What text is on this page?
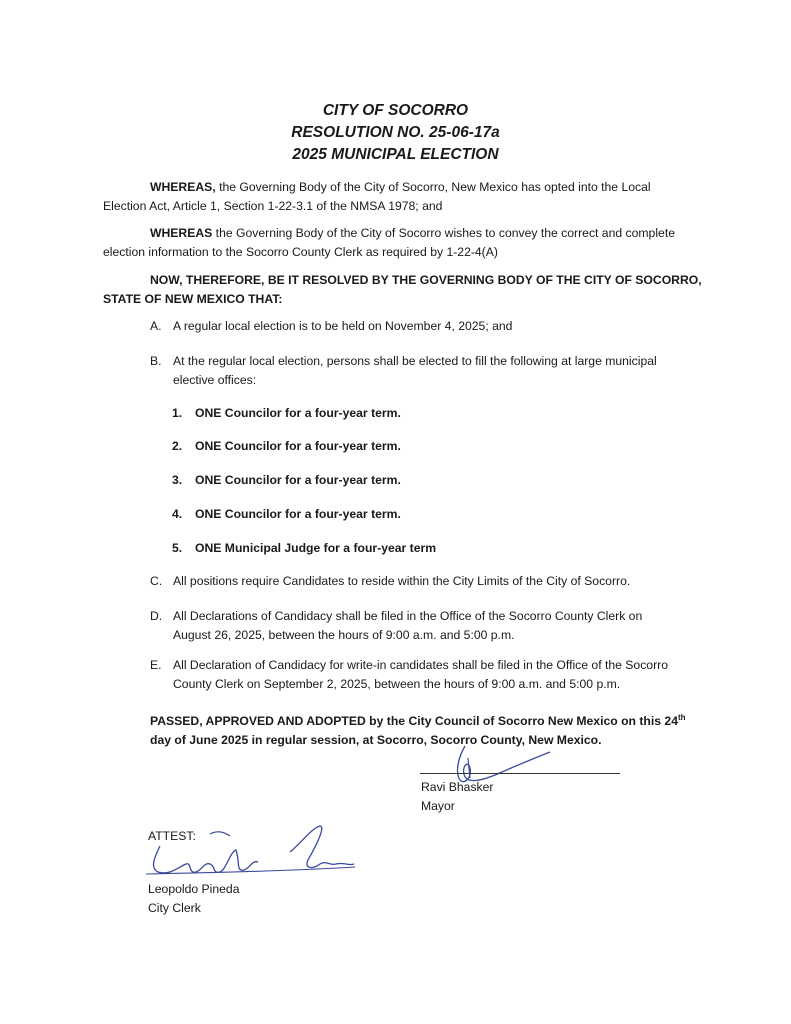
CITY OF SOCORRO

RESOLUTION NO. 25-06-17a

2025 MUNICIPAL ELECTION

WHEREAS, the Governing Body of the City of Socorro, New Mexico has opted into the Local
Election Act, Article 1, Section 1-22-3.1 of the NMSA 1978; and
WHEREAS the Governing Body of the City of Socorro wishes to convey the correct and complete
election information to the Socorro County Clerk as required by 1-22-4(A)
NOW, THEREFORE, BE IT RESOLVED BY THE GOVERNING BODY OF THE CITY OF SOCORRO,
STATE OF NEW MEXICO THAT:
A. A regular local election is to be held on November 4, 2025; and
B. At the regular local election, persons shall be elected to fill the following at large municipal
elective offices:
1.	ONE Councilor for a four-year term.
2.	ONE Councilor for a four-year term.
3.	ONE Councilor for a four-year term.
4.	ONE Councilor for a four-year term.
5.	ONE Municipal Judge for a four-year term
C. All positions require Candidates to reside within the City Limits of the City of Socorro.
D. All Declarations of Candidacy shall be filed in the Office of the Socorro County Clerk on
August 26, 2025, between the hours of 9:00 a.m. and 5:00 p.m.
E. All Declaration of Candidacy for write-in candidates shall be filed in the Office of the Socorro
County Clerk on September 2, 2025, between the hours of 9:00 a.m. and 5:00 p.m.
PASSED, APPROVED AND ADOPTED by the City Council of Socorro New Mexico on this 24th
day of June 2025 in regular session, at Socorro, Socorro County, New Mexico.
Ravi Bhasker
Mayor
ATTEST:
Leopoldo Pineda
City Clerk
